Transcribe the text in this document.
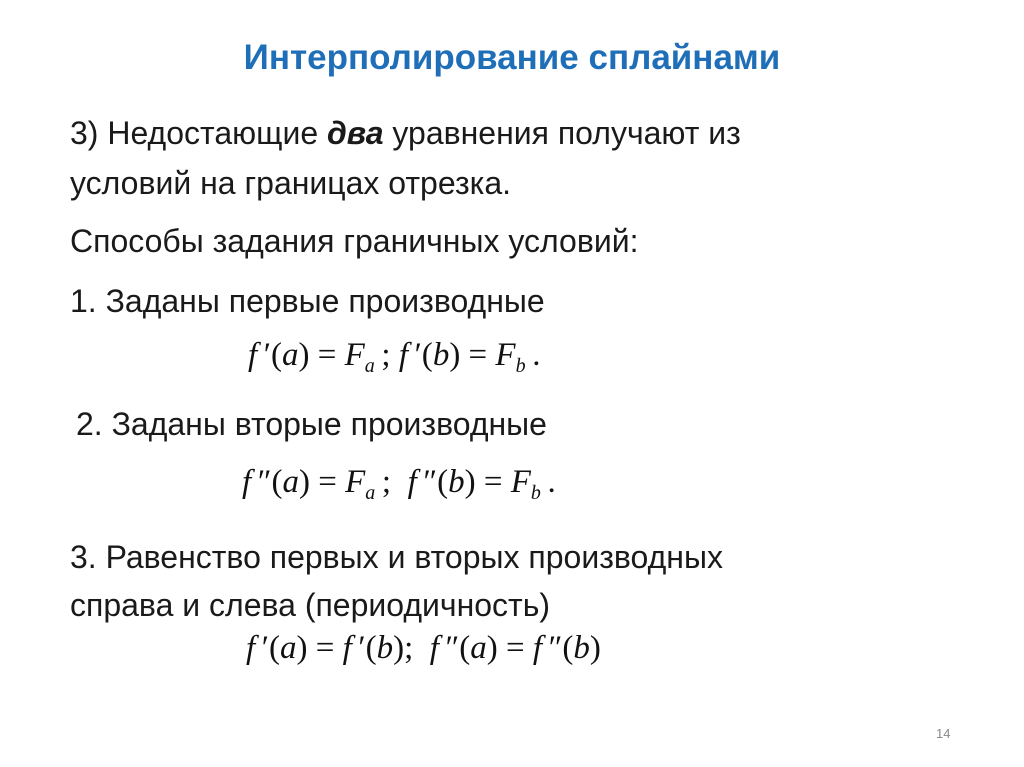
Интерполирование сплайнами
3) Недостающие два уравнения получают из
условий на границах отрезка.
Способы задания граничных условий:
1. Заданы первые производные
f $'(a) = F_a$ ; f $'(b) = F_b$ .
2. Заданы вторые производные
f $''(a) = F_a$ ;  f $''(b) = F_b$ .
3. Равенство первых и вторых производных
справа и слева (периодичность)
f ′(a) = f ′(b);  f ″(a) = f ″(b)
14
